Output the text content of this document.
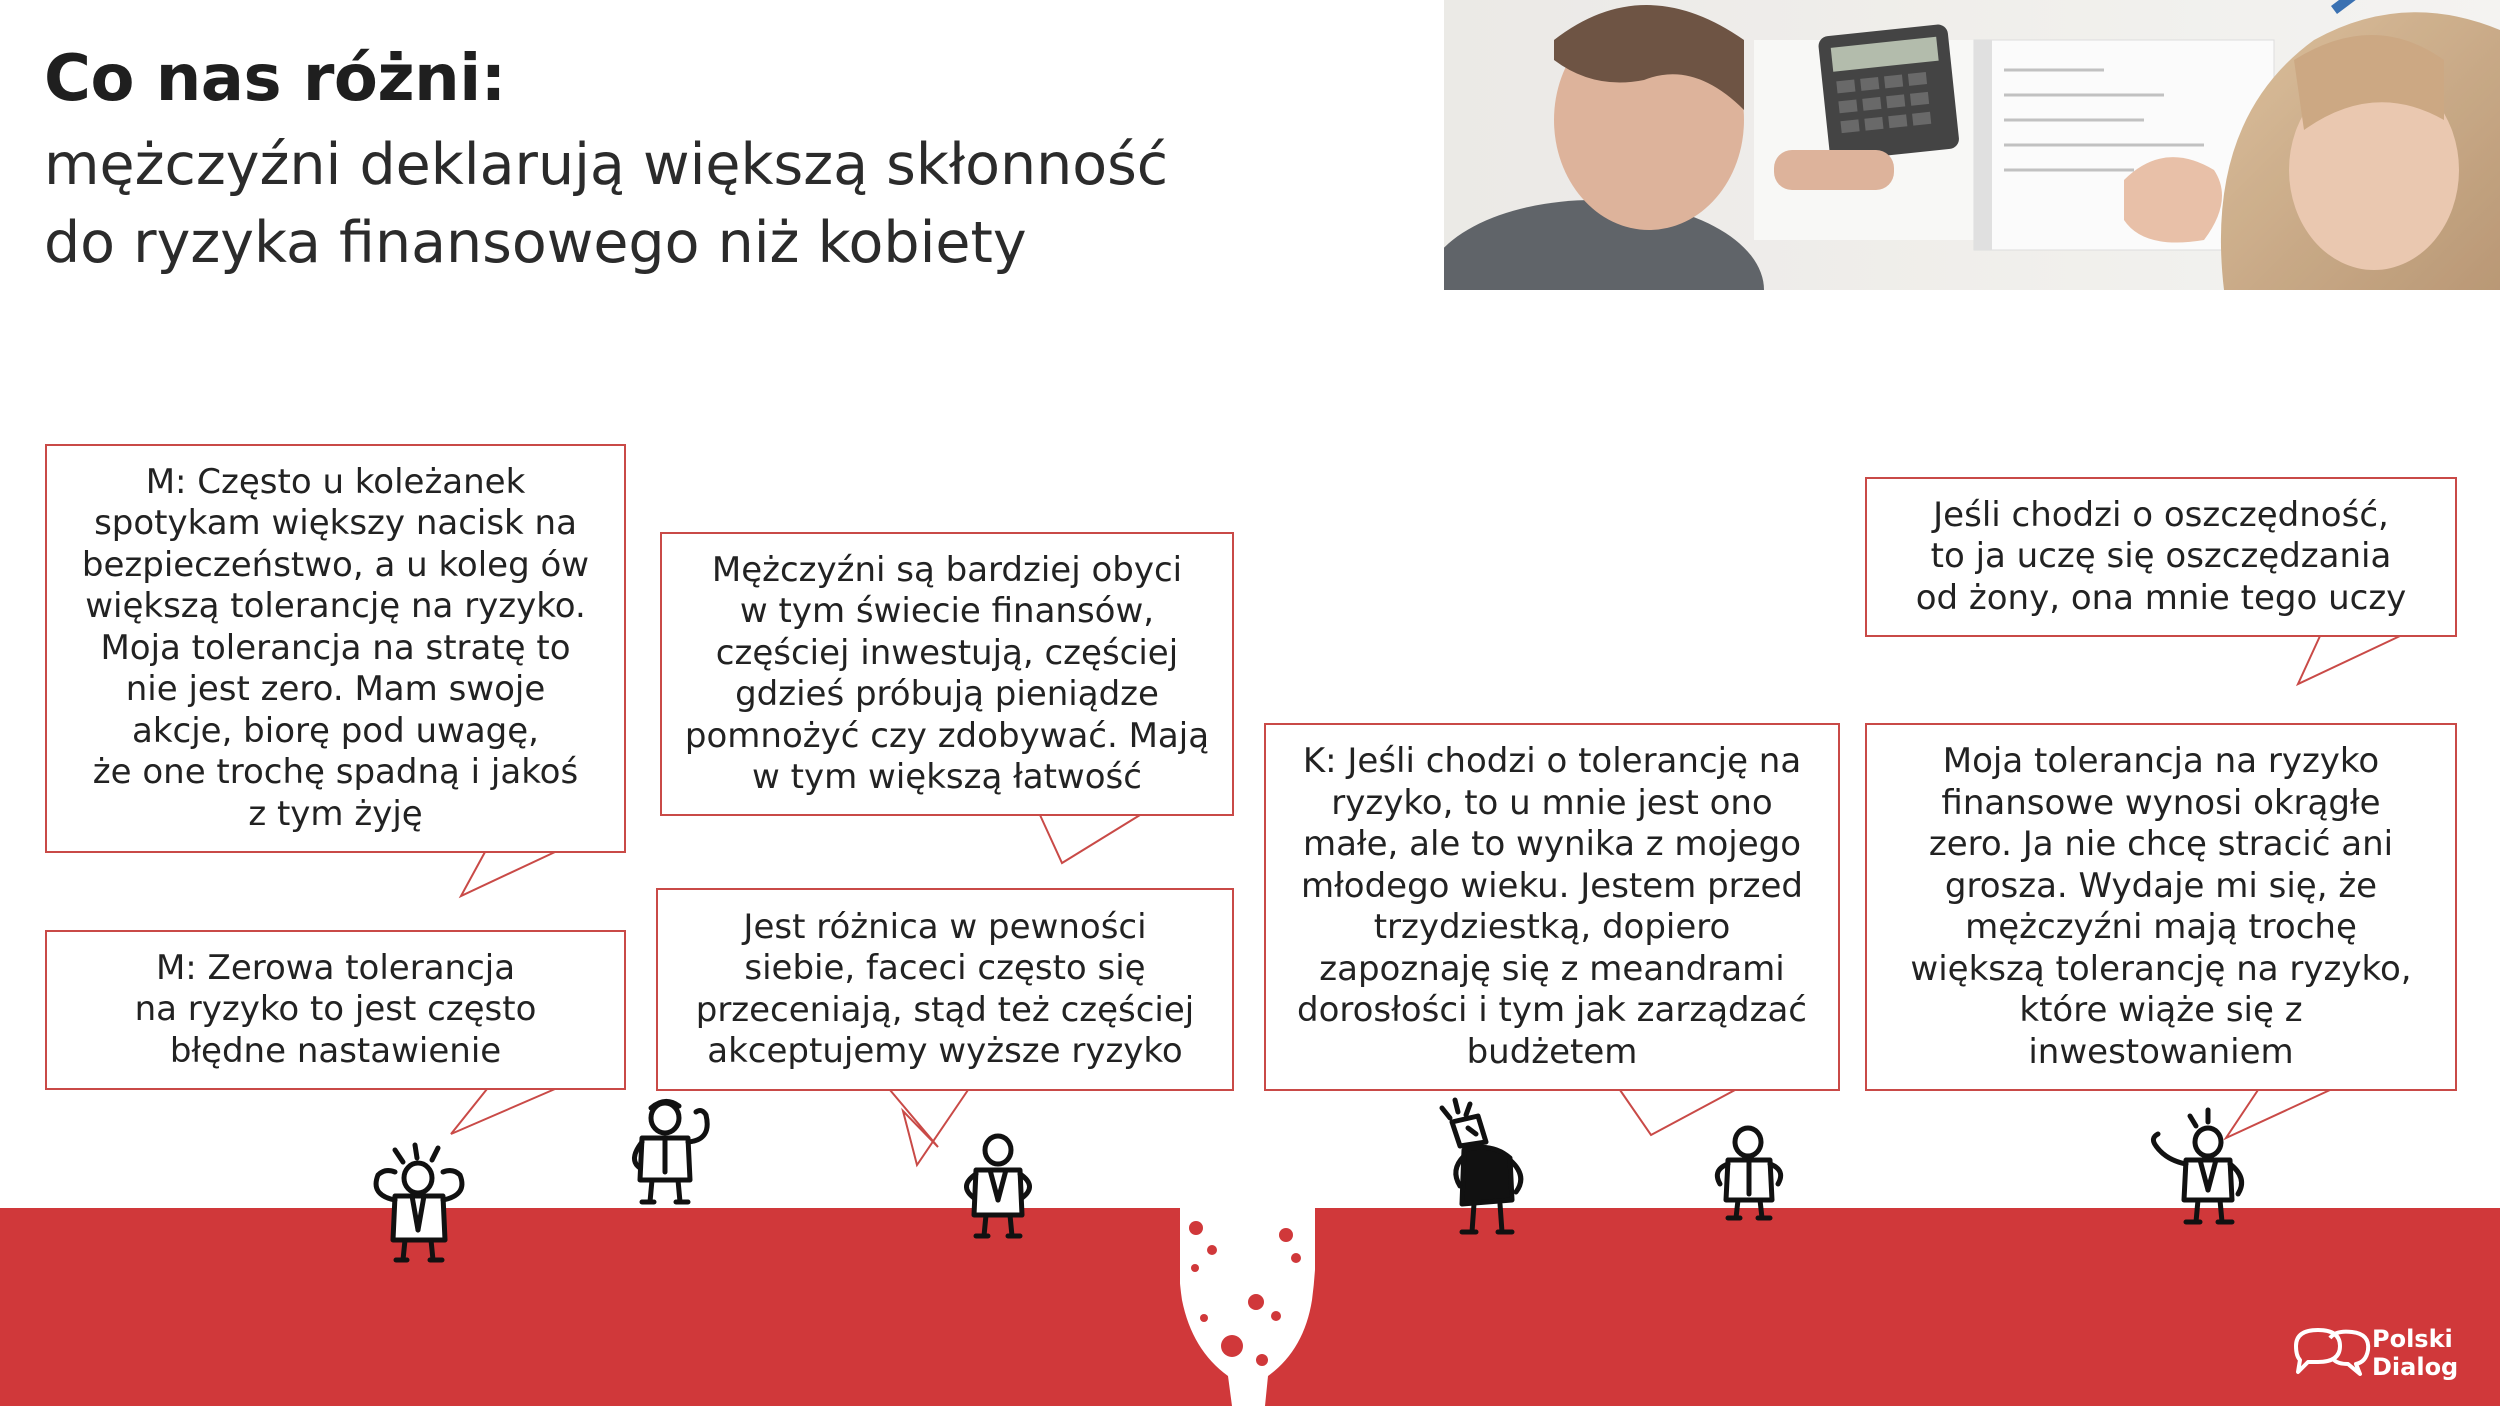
Co nas różni:
mężczyźni deklarują większą skłonność
do ryzyka finansowego niż kobiety
M: Często u koleżanek
spotykam większy nacisk na
bezpieczeństwo, a u koleg ów
większą tolerancję na ryzyko.
Moja tolerancja na stratę to
nie jest zero. Mam swoje
akcje, biorę pod uwagę,
że one trochę spadną i jakoś
z tym żyję
M: Zerowa tolerancja
na ryzyko to jest często
błędne nastawienie
Mężczyźni są bardziej obyci
w tym świecie finansów,
częściej inwestują, częściej
gdzieś próbują pieniądze
pomnożyć czy zdobywać. Mają
w tym większą łatwość
Jest różnica w pewności
siebie, faceci często się
przeceniają, stąd też częściej
akceptujemy wyższe ryzyko
K: Jeśli chodzi o tolerancję na
ryzyko, to u mnie jest ono
małe, ale to wynika z mojego
młodego wieku. Jestem przed
trzydziestką, dopiero
zapoznaję się z meandrami
dorosłości i tym jak zarządzać
budżetem
Jeśli chodzi o oszczędność,
to ja uczę się oszczędzania
od żony, ona mnie tego uczy
Moja tolerancja na ryzyko
finansowe wynosi okrągłe
zero. Ja nie chcę stracić ani
grosza. Wydaje mi się, że
mężczyźni mają trochę
większą tolerancję na ryzyko,
które wiąże się z
inwestowaniem
Polski
Dialog
